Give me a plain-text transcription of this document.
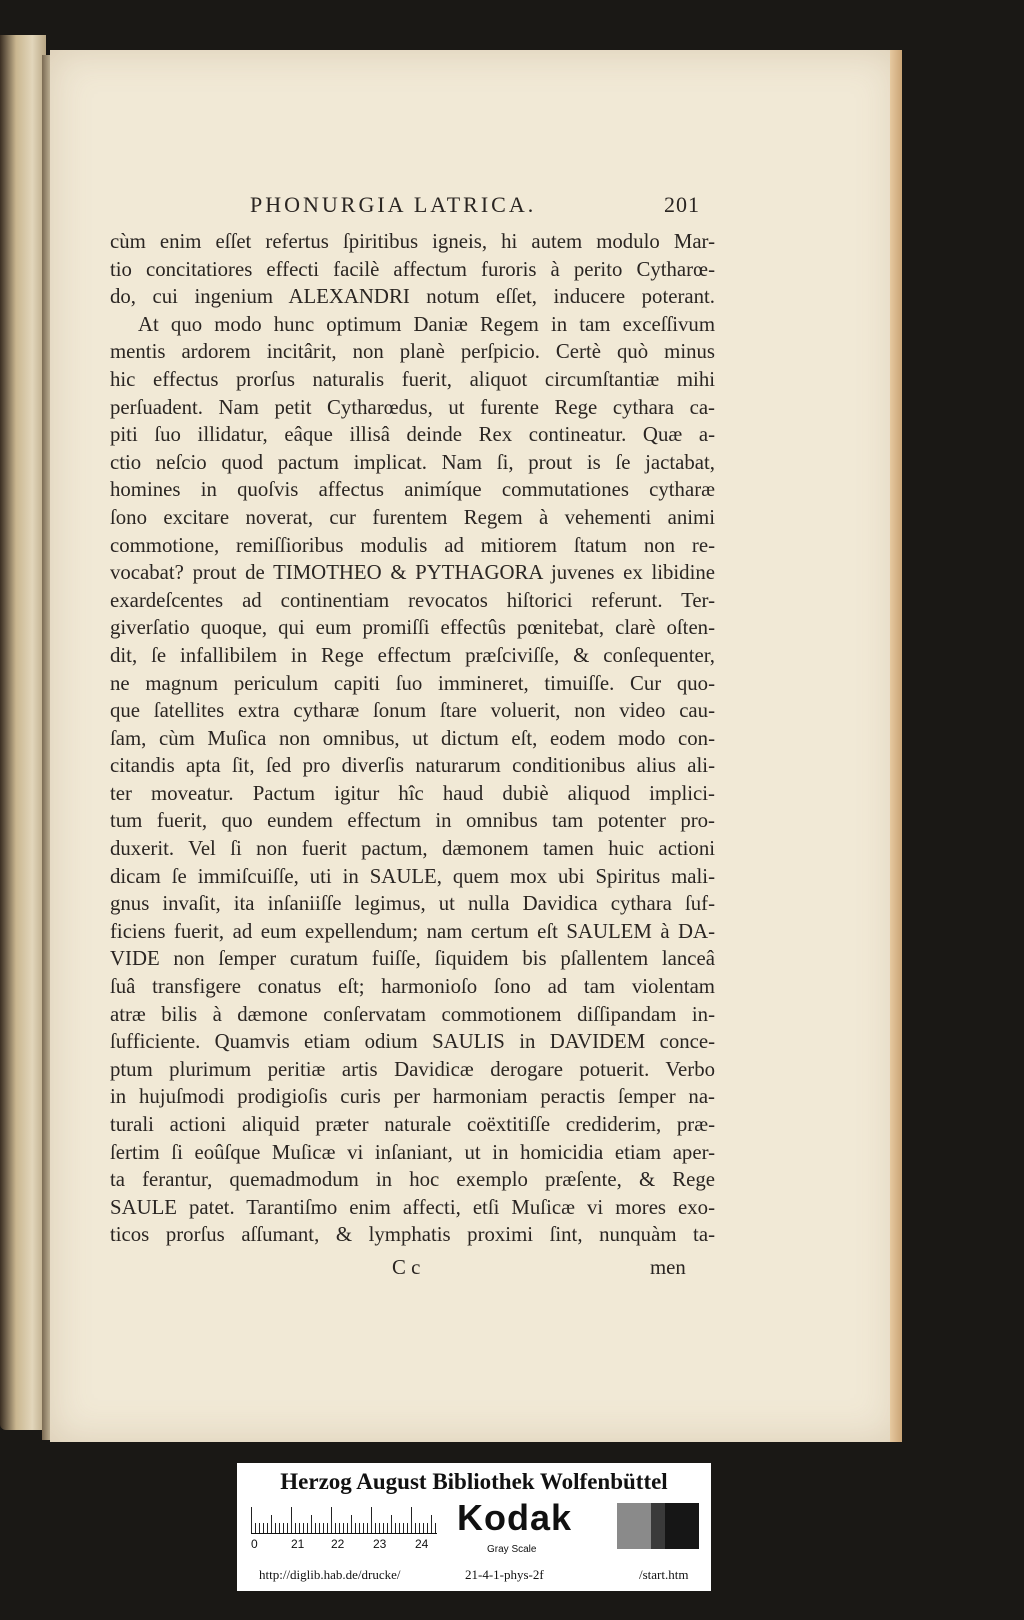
PHONURGIA LATRICA.	201
cùm enim eſſet refertus ſpiritibus igneis, hi autem modulo Mar-
tio concitatiores effecti facilè affectum furoris à perito Cytharœ-
do, cui ingenium ALEXANDRI notum eſſet, inducere poterant.
At quo modo hunc optimum Daniæ Regem in tam exceſſivum
mentis ardorem incitârit, non planè perſpicio. Certè quò minus
hic effectus prorſus naturalis fuerit, aliquot circumſtantiæ mihi
perſuadent. Nam petit Cytharœdus, ut furente Rege cythara ca-
piti ſuo illidatur, eâque illisâ deinde Rex contineatur. Quæ a-
ctio neſcio quod pactum implicat. Nam ſi, prout is ſe jactabat,
homines in quoſvis affectus animíque commutationes cytharæ
ſono excitare noverat, cur furentem Regem à vehementi animi
commotione, remiſſioribus modulis ad mitiorem ſtatum non re-
vocabat? prout de TIMOTHEO & PYTHAGORA juvenes ex libidine
exardeſcentes ad continentiam revocatos hiſtorici referunt. Ter-
giverſatio quoque, qui eum promiſſi effectûs pœnitebat, clarè oſten-
dit, ſe infallibilem in Rege effectum præſciviſſe, & conſequenter,
ne magnum periculum capiti ſuo immineret, timuiſſe. Cur quo-
que ſatellites extra cytharæ ſonum ſtare voluerit, non video cau-
ſam, cùm Muſica non omnibus, ut dictum eſt, eodem modo con-
citandis apta ſit, ſed pro diverſis naturarum conditionibus alius ali-
ter moveatur. Pactum igitur hîc haud dubiè aliquod implici-
tum fuerit, quo eundem effectum in omnibus tam potenter pro-
duxerit. Vel ſi non fuerit pactum, dæmonem tamen huic actioni
dicam ſe immiſcuiſſe, uti in SAULE, quem mox ubi Spiritus mali-
gnus invaſit, ita inſaniiſſe legimus, ut nulla Davidica cythara ſuf-
ficiens fuerit, ad eum expellendum; nam certum eſt SAULEM à DA-
VIDE non ſemper curatum fuiſſe, ſiquidem bis pſallentem lanceâ
ſuâ transfigere conatus eſt; harmonioſo ſono ad tam violentam
atræ bilis à dæmone conſervatam commotionem diſſipandam in-
ſufficiente. Quamvis etiam odium SAULIS in DAVIDEM conce-
ptum plurimum peritiæ artis Davidicæ derogare potuerit. Verbo
in hujuſmodi prodigioſis curis per harmoniam peractis ſemper na-
turali actioni aliquid præter naturale coëxtitiſſe crediderim, præ-
ſertim ſi eoûſque Muſicæ vi inſaniant, ut in homicidia etiam aper-
ta ferantur, quemadmodum in hoc exemplo præſente, & Rege
SAULE patet. Tarantiſmo enim affecti, etſi Muſicæ vi mores exo-
ticos prorſus aſſumant, & lymphatis proximi ſint, nunquàm ta-
C c	men
Herzog August Bibliothek Wolfenbüttel
0	21 22 23 24
Kodak
Gray Scale
http://diglib.hab.de/drucke/	21-4-1-phys-2f	/start.htm
